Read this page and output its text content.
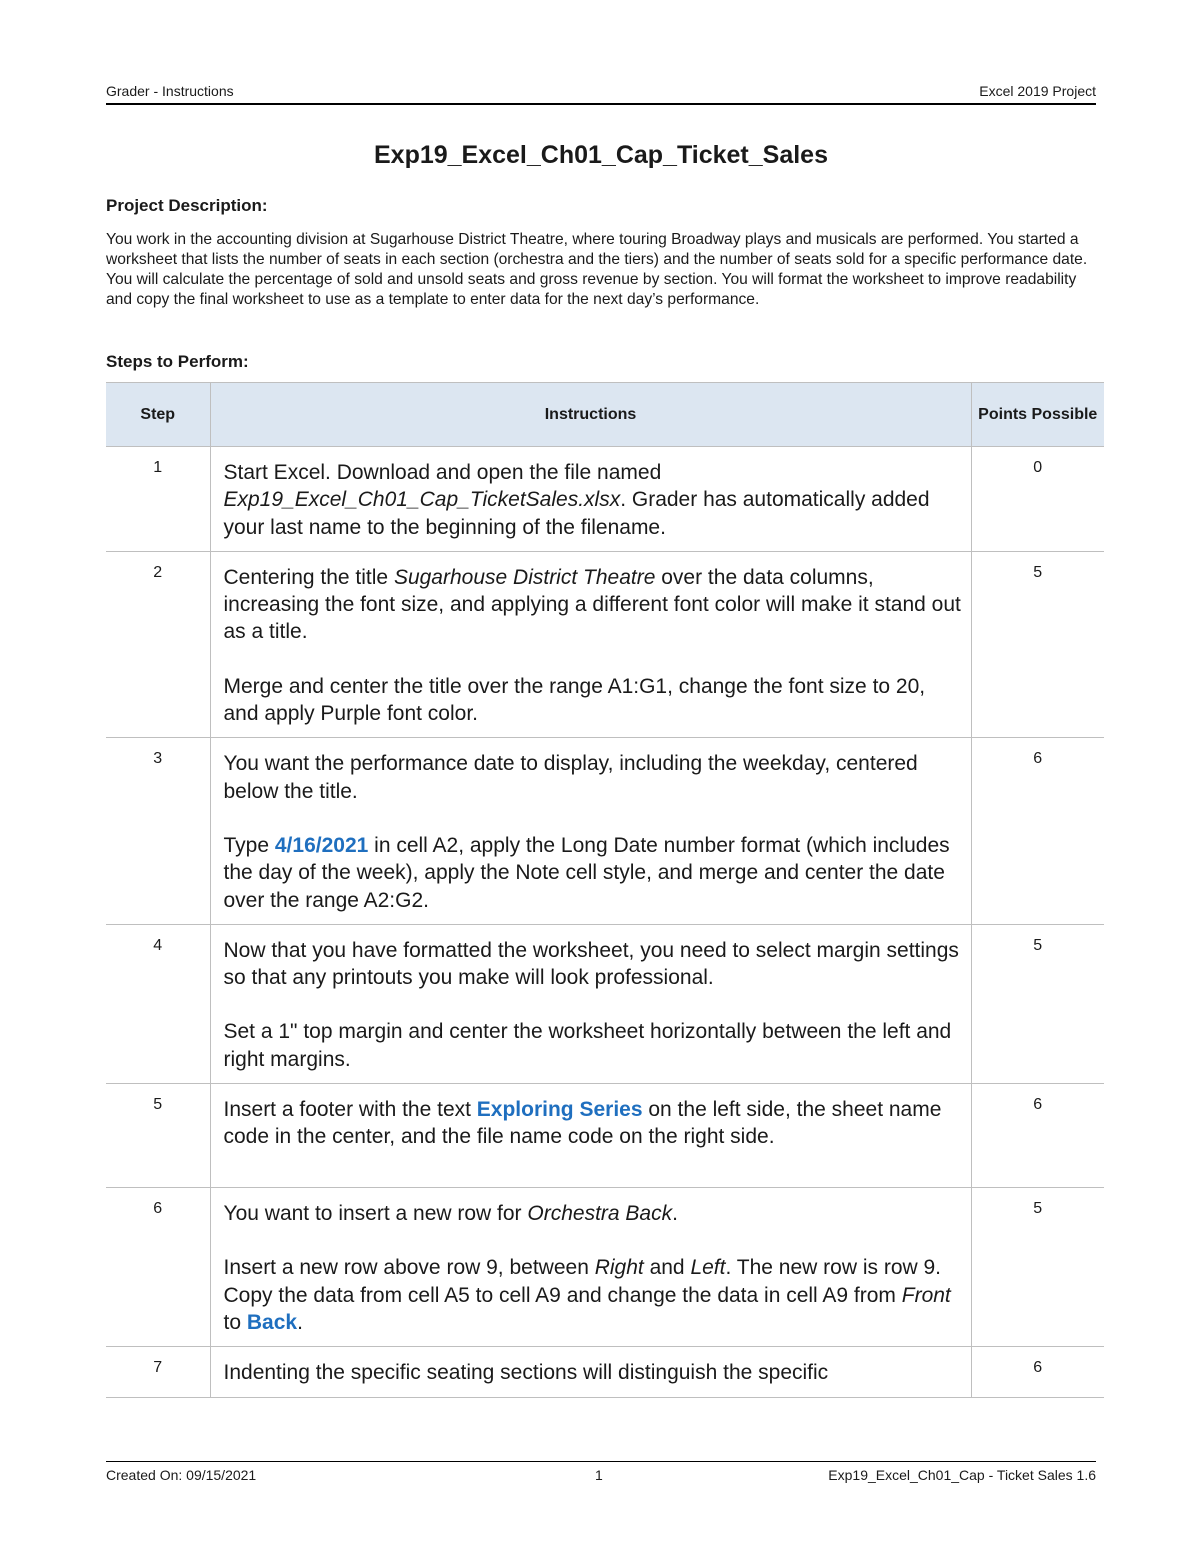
Grader - Instructions	Excel 2019 Project
Exp19_Excel_Ch01_Cap_Ticket_Sales
Project Description:
You work in the accounting division at Sugarhouse District Theatre, where touring Broadway plays and musicals are performed. You started a worksheet that lists the number of seats in each section (orchestra and the tiers) and the number of seats sold for a specific performance date. You will calculate the percentage of sold and unsold seats and gross revenue by section. You will format the worksheet to improve readability and copy the final worksheet to use as a template to enter data for the next day’s performance.
Steps to Perform:
Step	Instructions	Points Possible
1	Start Excel. Download and open the file named Exp19_Excel_Ch01_Cap_TicketSales.xlsx. Grader has automatically added your last name to the beginning of the filename.	0
2	Centering the title Sugarhouse District Theatre over the data columns, increasing the font size, and applying a different font color will make it stand out as a title.

Merge and center the title over the range A1:G1, change the font size to 20, and apply Purple font color.	5
3	You want the performance date to display, including the weekday, centered below the title.

Type 4/16/2021 in cell A2, apply the Long Date number format (which includes the day of the week), apply the Note cell style, and merge and center the date over the range A2:G2.	6
4	Now that you have formatted the worksheet, you need to select margin settings so that any printouts you make will look professional.

Set a 1" top margin and center the worksheet horizontally between the left and right margins.	5
5	Insert a footer with the text Exploring Series on the left side, the sheet name code in the center, and the file name code on the right side.	6
6	You want to insert a new row for Orchestra Back.

Insert a new row above row 9, between Right and Left. The new row is row 9. Copy the data from cell A5 to cell A9 and change the data in cell A9 from Front to Back.	5
7	Indenting the specific seating sections will distinguish the specific	6
Created On: 09/15/2021	1	Exp19_Excel_Ch01_Cap - Ticket Sales 1.6
